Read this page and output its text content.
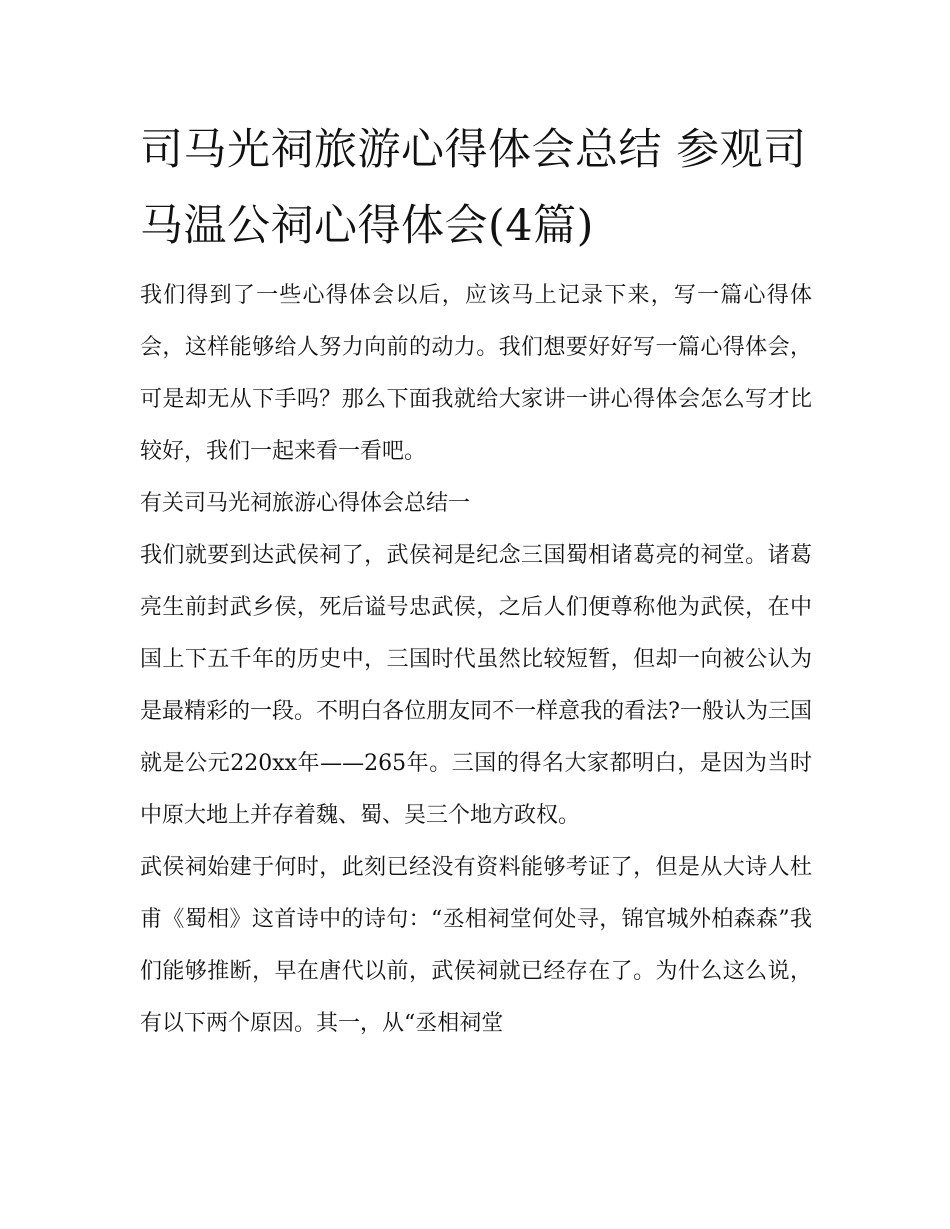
司马光祠旅游心得体会总结 参观司马温公祠心得体会(4篇)

我们得到了一些心得体会以后，应该马上记录下来，写一篇心得体会，这样能够给人努力向前的动力。我们想要好好写一篇心得体会，可是却无从下手吗？那么下面我就给大家讲一讲心得体会怎么写才比较好，我们一起来看一看吧。

有关司马光祠旅游心得体会总结一

我们就要到达武侯祠了，武侯祠是纪念三国蜀相诸葛亮的祠堂。诸葛亮生前封武乡侯，死后谥号忠武侯，之后人们便尊称他为武侯，在中国上下五千年的历史中，三国时代虽然比较短暂，但却一向被公认为是最精彩的一段。不明白各位朋友同不一样意我的看法?一般认为三国就是公元220xx年——265年。三国的得名大家都明白，是因为当时中原大地上并存着魏、蜀、吴三个地方政权。

武侯祠始建于何时，此刻已经没有资料能够考证了，但是从大诗人杜甫《蜀相》这首诗中的诗句：“丞相祠堂何处寻，锦官城外柏森森”我们能够推断，早在唐代以前，武侯祠就已经存在了。为什么这么说，有以下两个原因。其一，从“丞相祠堂
